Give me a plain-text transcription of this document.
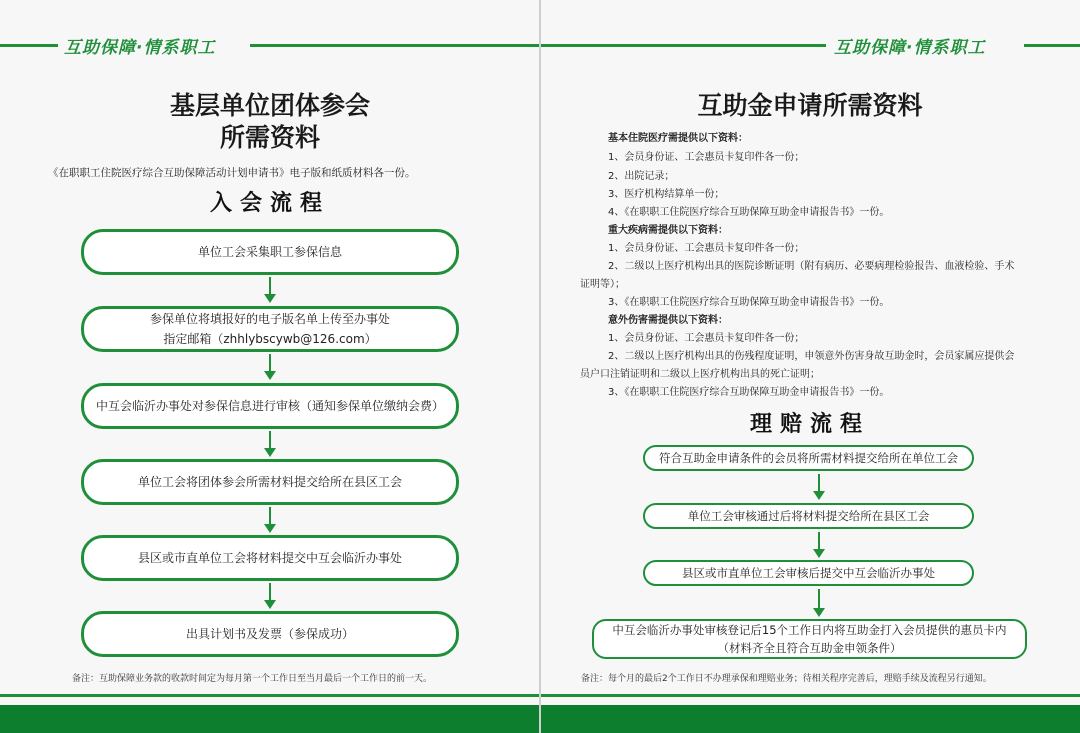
互助保障·情系职工	互助保障·情系职工
基层单位团体参会
所需资料
《在职职工住院医疗综合互助保障活动计划申请书》电子版和纸质材料各一份。
入会流程
单位工会采集职工参保信息
参保单位将填报好的电子版名单上传至办事处
指定邮箱（zhhlybscywb@126.com）
中互会临沂办事处对参保信息进行审核（通知参保单位缴纳会费）
单位工会将团体参会所需材料提交给所在县区工会
县区或市直单位工会将材料提交中互会临沂办事处
出具计划书及发票（参保成功）
备注：互助保障业务款的收款时间定为每月第一个工作日至当月最后一个工作日的前一天。
互助金申请所需资料
基本住院医疗需提供以下资料：
1、会员身份证、工会惠员卡复印件各一份；
2、出院记录；
3、医疗机构结算单一份；
4、《在职职工住院医疗综合互助保障互助金申请报告书》一份。
重大疾病需提供以下资料：
1、会员身份证、工会惠员卡复印件各一份；
2、二级以上医疗机构出具的医院诊断证明（附有病历、必要病理检验报告、血液检验、手术
证明等）；
3、《在职职工住院医疗综合互助保障互助金申请报告书》一份。
意外伤害需提供以下资料：
1、会员身份证、工会惠员卡复印件各一份；
2、二级以上医疗机构出具的伤残程度证明，申领意外伤害身故互助金时，会员家属应提供会
员户口注销证明和二级以上医疗机构出具的死亡证明；
3、《在职职工住院医疗综合互助保障互助金申请报告书》一份。
理赔流程
符合互助金申请条件的会员将所需材料提交给所在单位工会
单位工会审核通过后将材料提交给所在县区工会
县区或市直单位工会审核后提交中互会临沂办事处
中互会临沂办事处审核登记后15个工作日内将互助金打入会员提供的惠员卡内
（材料齐全且符合互助金申领条件）
备注：每个月的最后2个工作日不办理承保和理赔业务；待相关程序完善后，理赔手续及流程另行通知。
